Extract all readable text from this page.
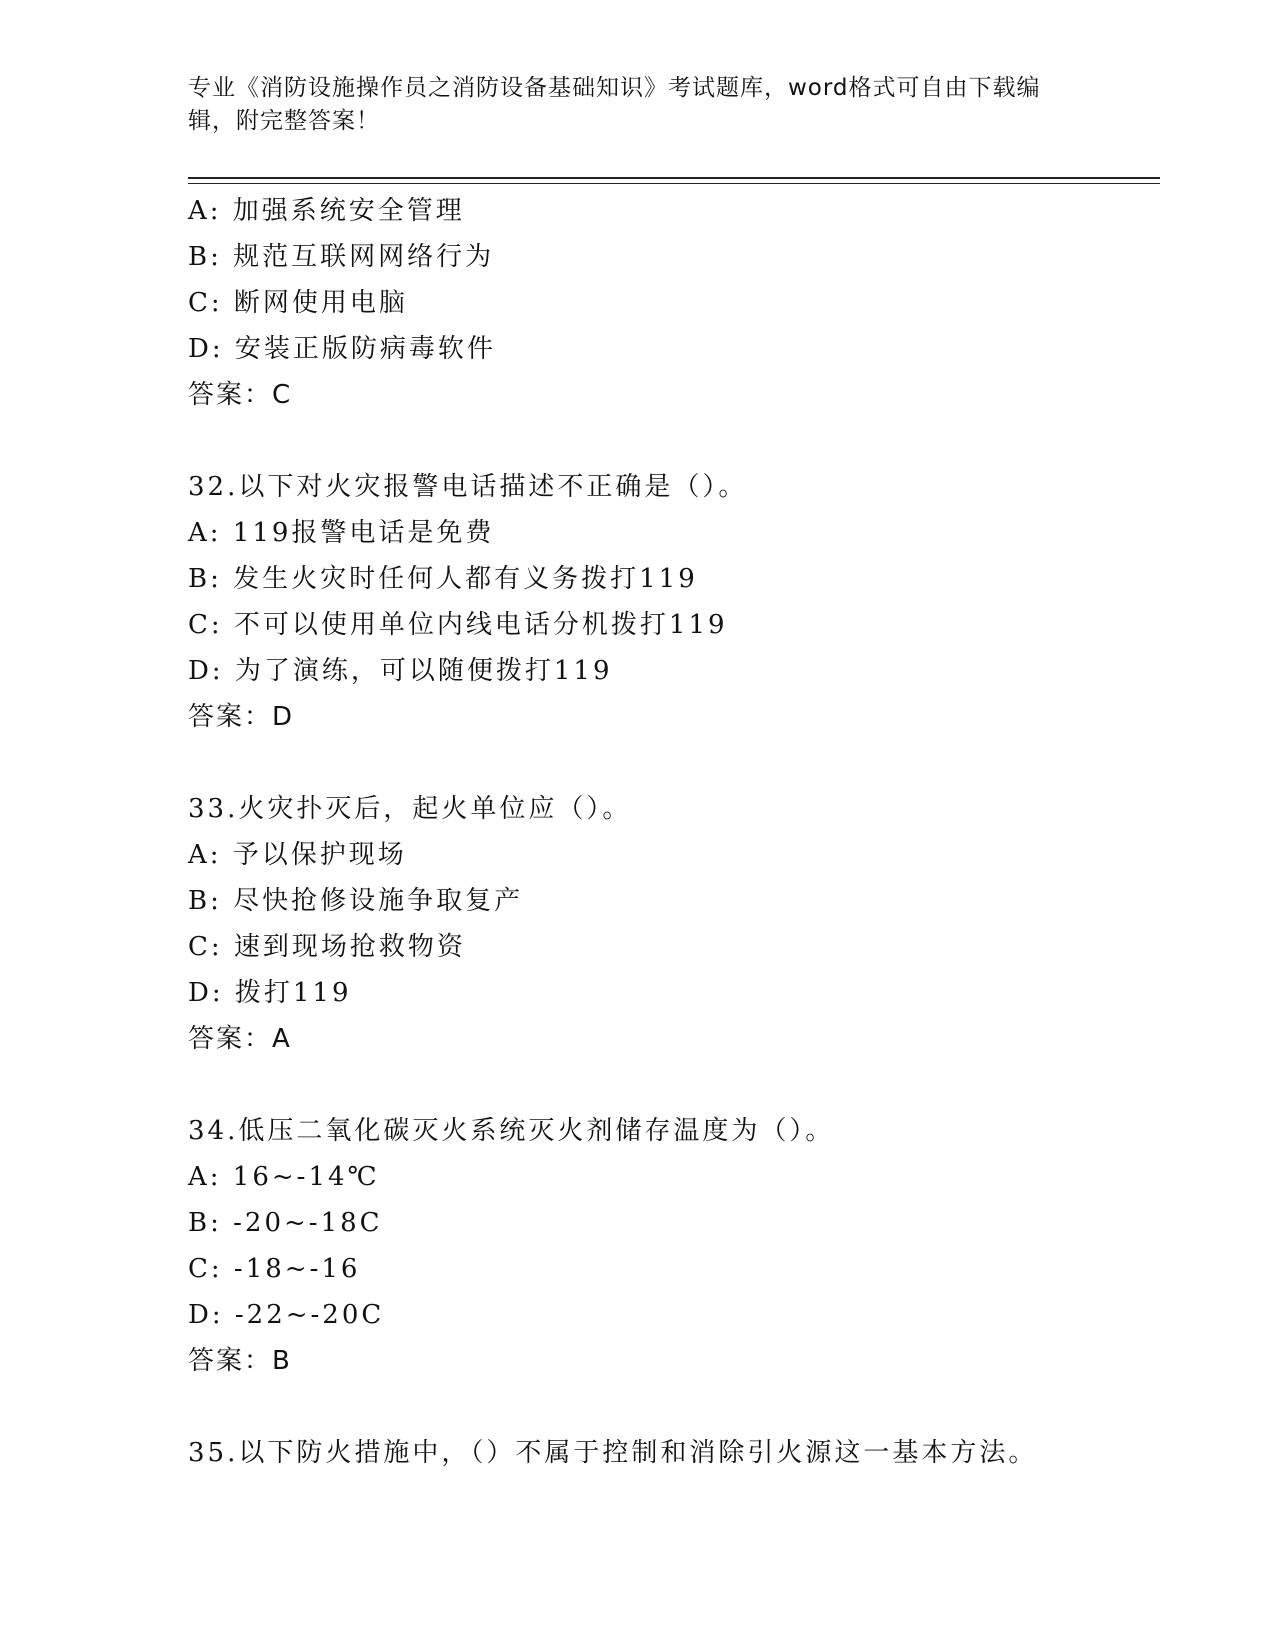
专业《消防设施操作员之消防设备基础知识》考试题库，word格式可自由下载编辑，附完整答案！
A: 加强系统安全管理
B: 规范互联网网络行为
C: 断网使用电脑
D: 安装正版防病毒软件
答案：C
32.以下对火灾报警电话描述不正确是（）。
A: 119报警电话是免费
B: 发生火灾时任何人都有义务拨打119
C: 不可以使用单位内线电话分机拨打119
D: 为了演练，可以随便拨打119
答案：D
33.火灾扑灭后，起火单位应（）。
A: 予以保护现场
B: 尽快抢修设施争取复产
C: 速到现场抢救物资
D: 拨打119
答案：A
34.低压二氧化碳灭火系统灭火剂储存温度为（）。
A: 16~-14℃
B: -20~-18C
C: -18~-16
D: -22~-20C
答案：B
35.以下防火措施中，（）不属于控制和消除引火源这一基本方法。
